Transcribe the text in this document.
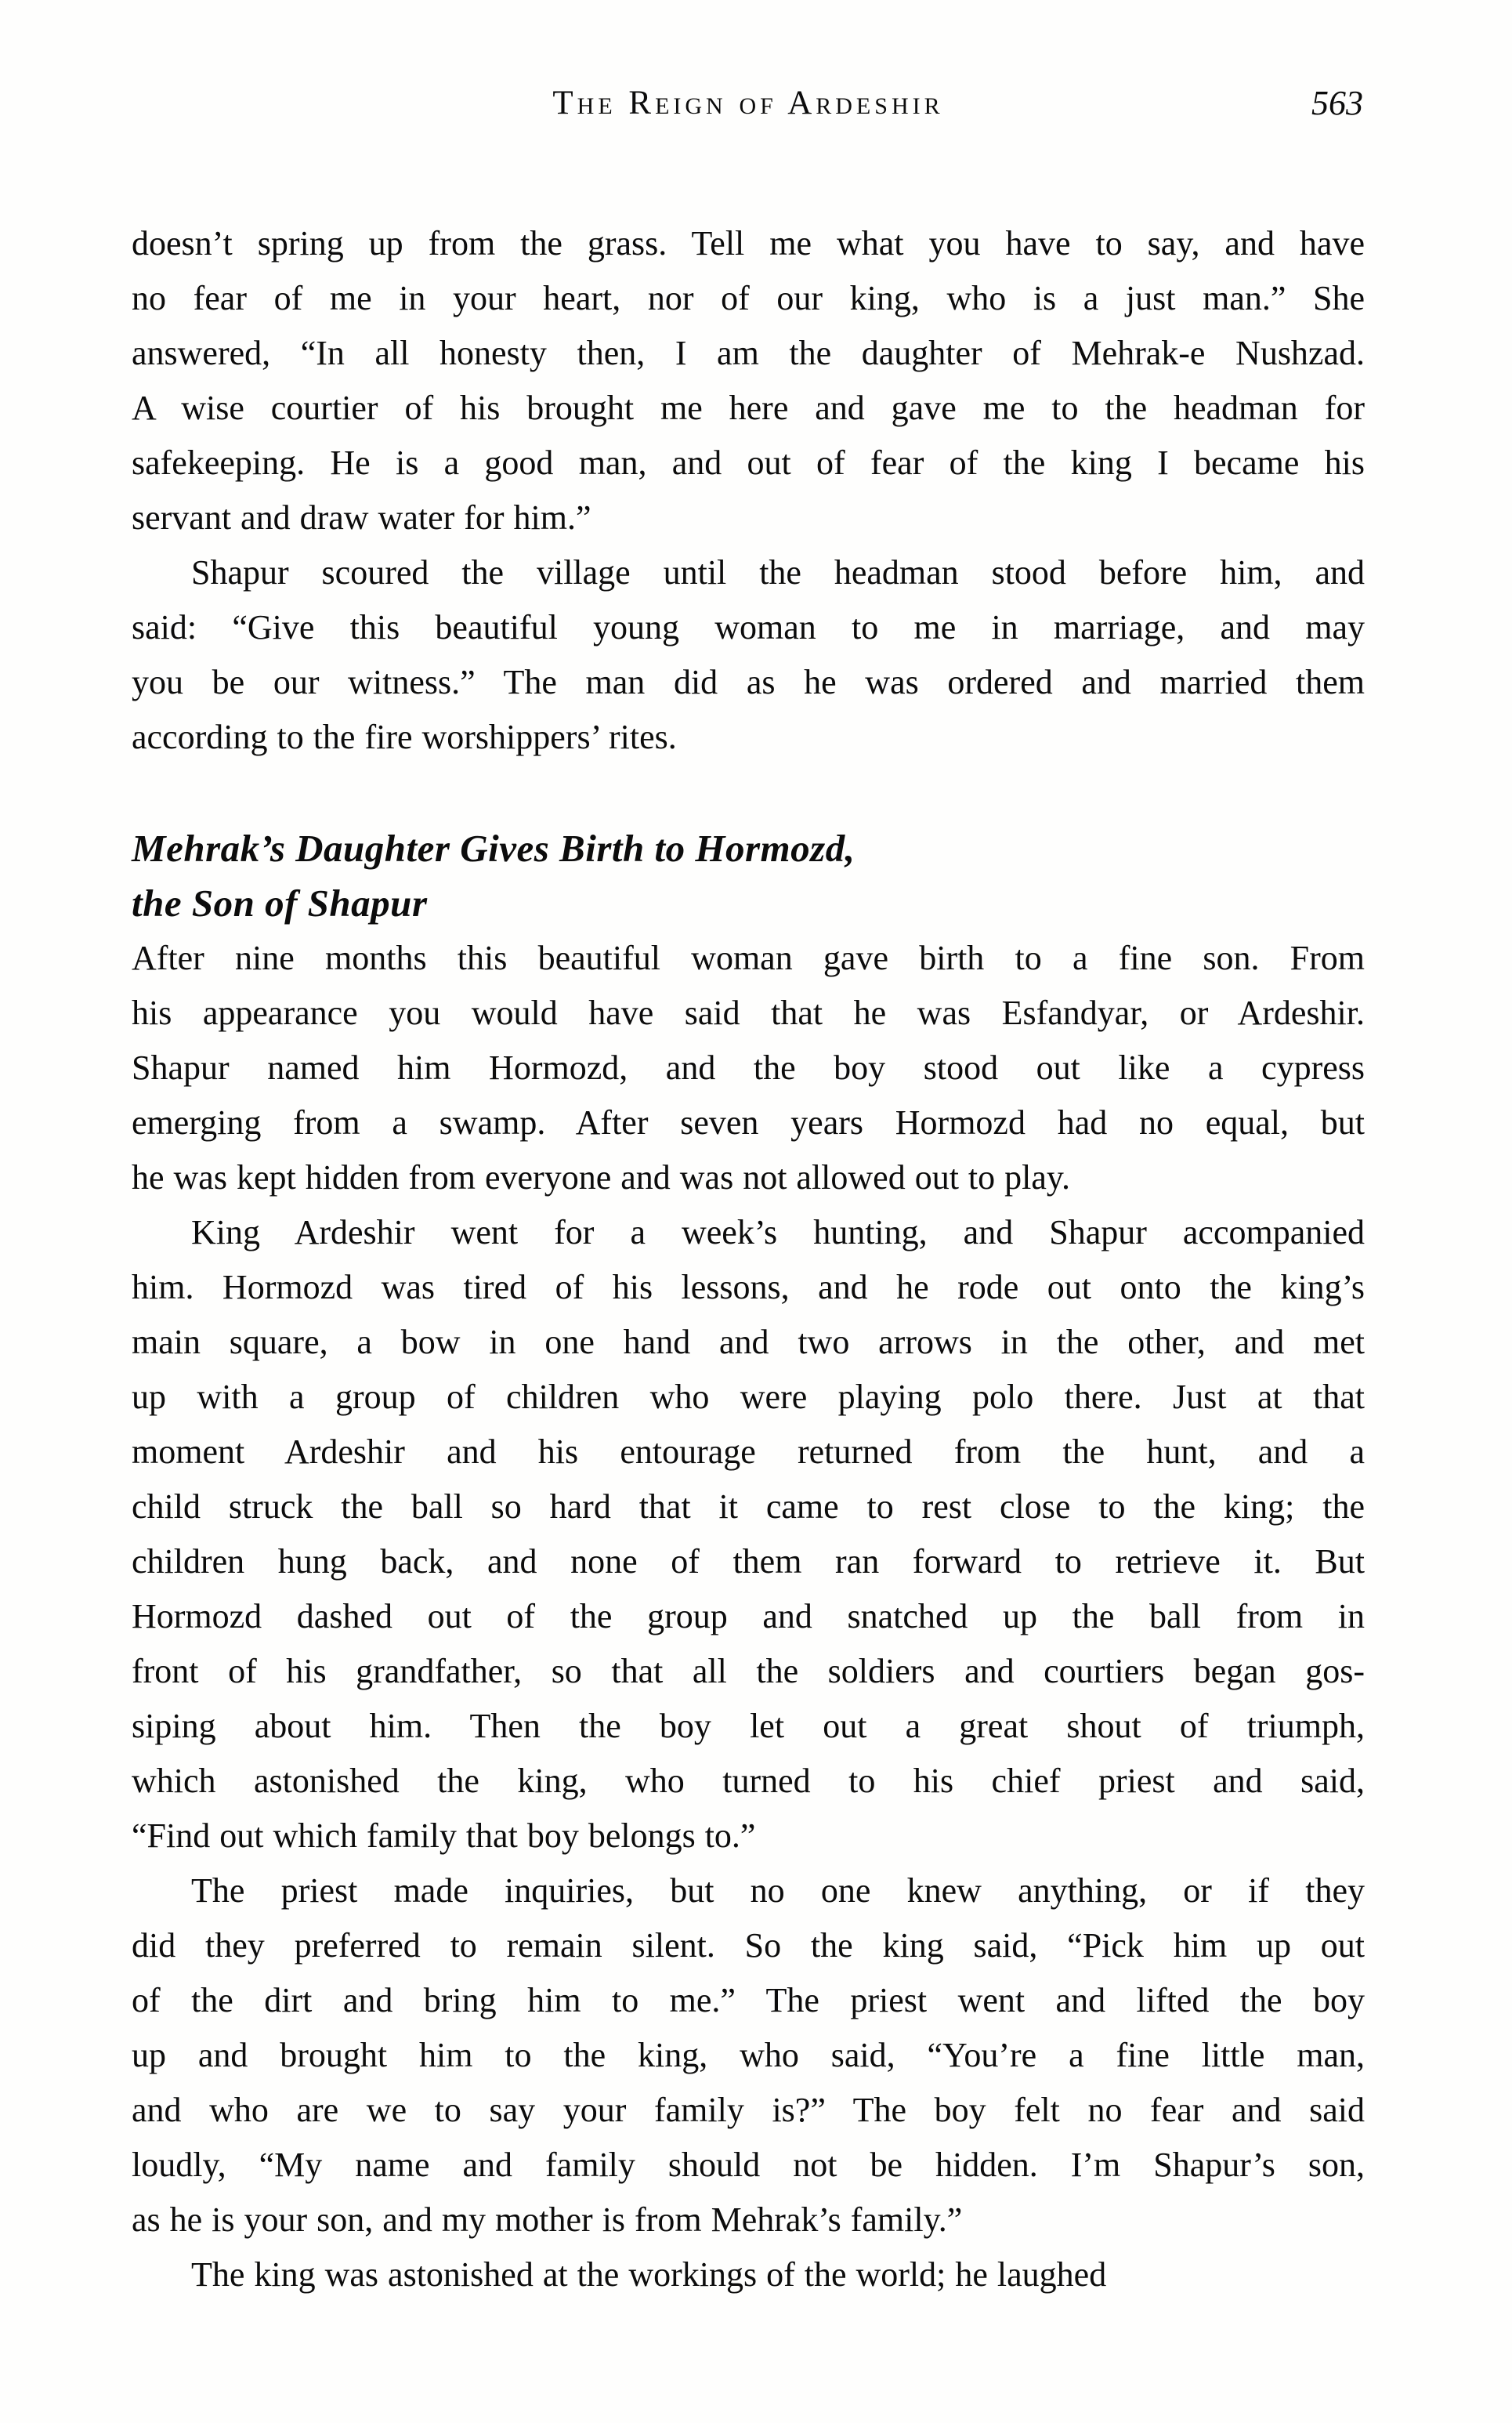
The Reign of Ardeshir	563

doesn’t spring up from the grass. Tell me what you have to say, and have
no fear of me in your heart, nor of our king, who is a just man.” She
answered, “In all honesty then, I am the daughter of Mehrak-e Nushzad.
A wise courtier of his brought me here and gave me to the headman for
safekeeping. He is a good man, and out of fear of the king I became his
servant and draw water for him.”

Shapur scoured the village until the headman stood before him, and
said: “Give this beautiful young woman to me in marriage, and may
you be our witness.” The man did as he was ordered and married them
according to the fire worshippers’ rites.

Mehrak’s Daughter Gives Birth to Hormozd,
the Son of Shapur

After nine months this beautiful woman gave birth to a fine son. From
his appearance you would have said that he was Esfandyar, or Ardeshir.
Shapur named him Hormozd, and the boy stood out like a cypress
emerging from a swamp. After seven years Hormozd had no equal, but
he was kept hidden from everyone and was not allowed out to play.

King Ardeshir went for a week’s hunting, and Shapur accompanied
him. Hormozd was tired of his lessons, and he rode out onto the king’s
main square, a bow in one hand and two arrows in the other, and met
up with a group of children who were playing polo there. Just at that
moment Ardeshir and his entourage returned from the hunt, and a
child struck the ball so hard that it came to rest close to the king; the
children hung back, and none of them ran forward to retrieve it. But
Hormozd dashed out of the group and snatched up the ball from in
front of his grandfather, so that all the soldiers and courtiers began gos-
siping about him. Then the boy let out a great shout of triumph,
which astonished the king, who turned to his chief priest and said,
“Find out which family that boy belongs to.”

The priest made inquiries, but no one knew anything, or if they
did they preferred to remain silent. So the king said, “Pick him up out
of the dirt and bring him to me.” The priest went and lifted the boy
up and brought him to the king, who said, “You’re a fine little man,
and who are we to say your family is?” The boy felt no fear and said
loudly, “My name and family should not be hidden. I’m Shapur’s son,
as he is your son, and my mother is from Mehrak’s family.”

The king was astonished at the workings of the world; he laughed
